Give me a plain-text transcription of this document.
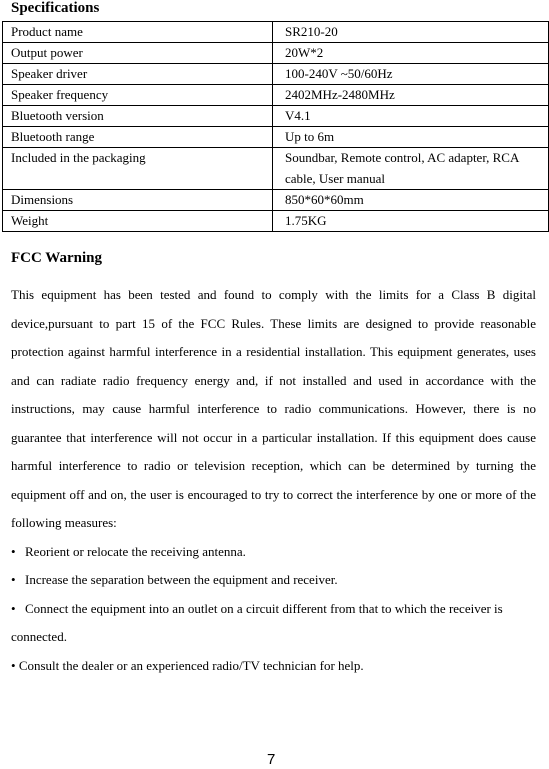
Specifications
Product name	SR210-20
Output power	20W*2
Speaker driver	100-240V ~50/60Hz
Speaker frequency	2402MHz-2480MHz
Bluetooth version	V4.1
Bluetooth range	Up to 6m
Included in the packaging	Soundbar, Remote control, AC adapter, RCA cable, User manual
Dimensions	850*60*60mm
Weight	1.75KG
FCC Warning

This equipment has been tested and found to comply with the limits for a Class B digital device,pursuant to part 15 of the FCC Rules. These limits are designed to provide reasonable protection against harmful interference in a residential installation. This equipment generates, uses and can radiate radio frequency energy and, if not installed and used in accordance with the instructions, may cause harmful interference to radio communications. However, there is no guarantee that interference will not occur in a particular installation. If this equipment does cause harmful interference to radio or television reception, which can be determined by turning the equipment off and on, the user is encouraged to try to correct the interference by one or more of the following measures:

• Reorient or relocate the receiving antenna.

• Increase the separation between the equipment and receiver.

• Connect the equipment into an outlet on a circuit different from that to which the receiver is connected.

• Consult the dealer or an experienced radio/TV technician for help.

7
